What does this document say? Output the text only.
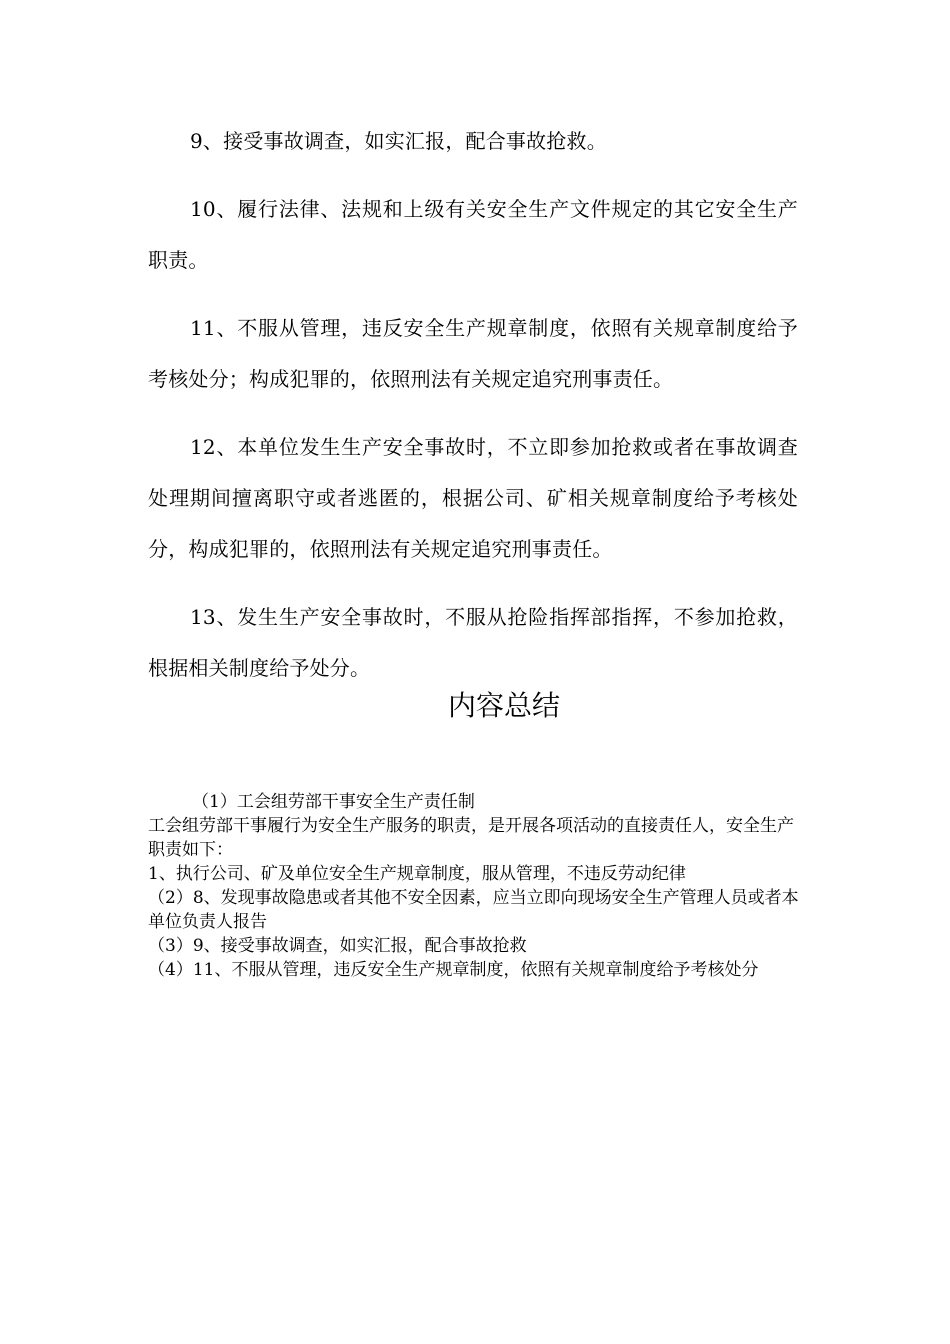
9、接受事故调查，如实汇报，配合事故抢救。

10、履行法律、法规和上级有关安全生产文件规定的其它安全生产职责。

11、不服从管理，违反安全生产规章制度，依照有关规章制度给予考核处分；构成犯罪的，依照刑法有关规定追究刑事责任。

12、本单位发生生产安全事故时，不立即参加抢救或者在事故调查处理期间擅离职守或者逃匿的，根据公司、矿相关规章制度给予考核处分，构成犯罪的，依照刑法有关规定追究刑事责任。

13、发生生产安全事故时，不服从抢险指挥部指挥，不参加抢救，根据相关制度给予处分。

内容总结

（1）工会组劳部干事安全生产责任制

工会组劳部干事履行为安全生产服务的职责，是开展各项活动的直接责任人，安全生产职责如下：

1、执行公司、矿及单位安全生产规章制度，服从管理，不违反劳动纪律

（2）8、发现事故隐患或者其他不安全因素，应当立即向现场安全生产管理人员或者本单位负责人报告

（3）9、接受事故调查，如实汇报，配合事故抢救

（4）11、不服从管理，违反安全生产规章制度，依照有关规章制度给予考核处分
